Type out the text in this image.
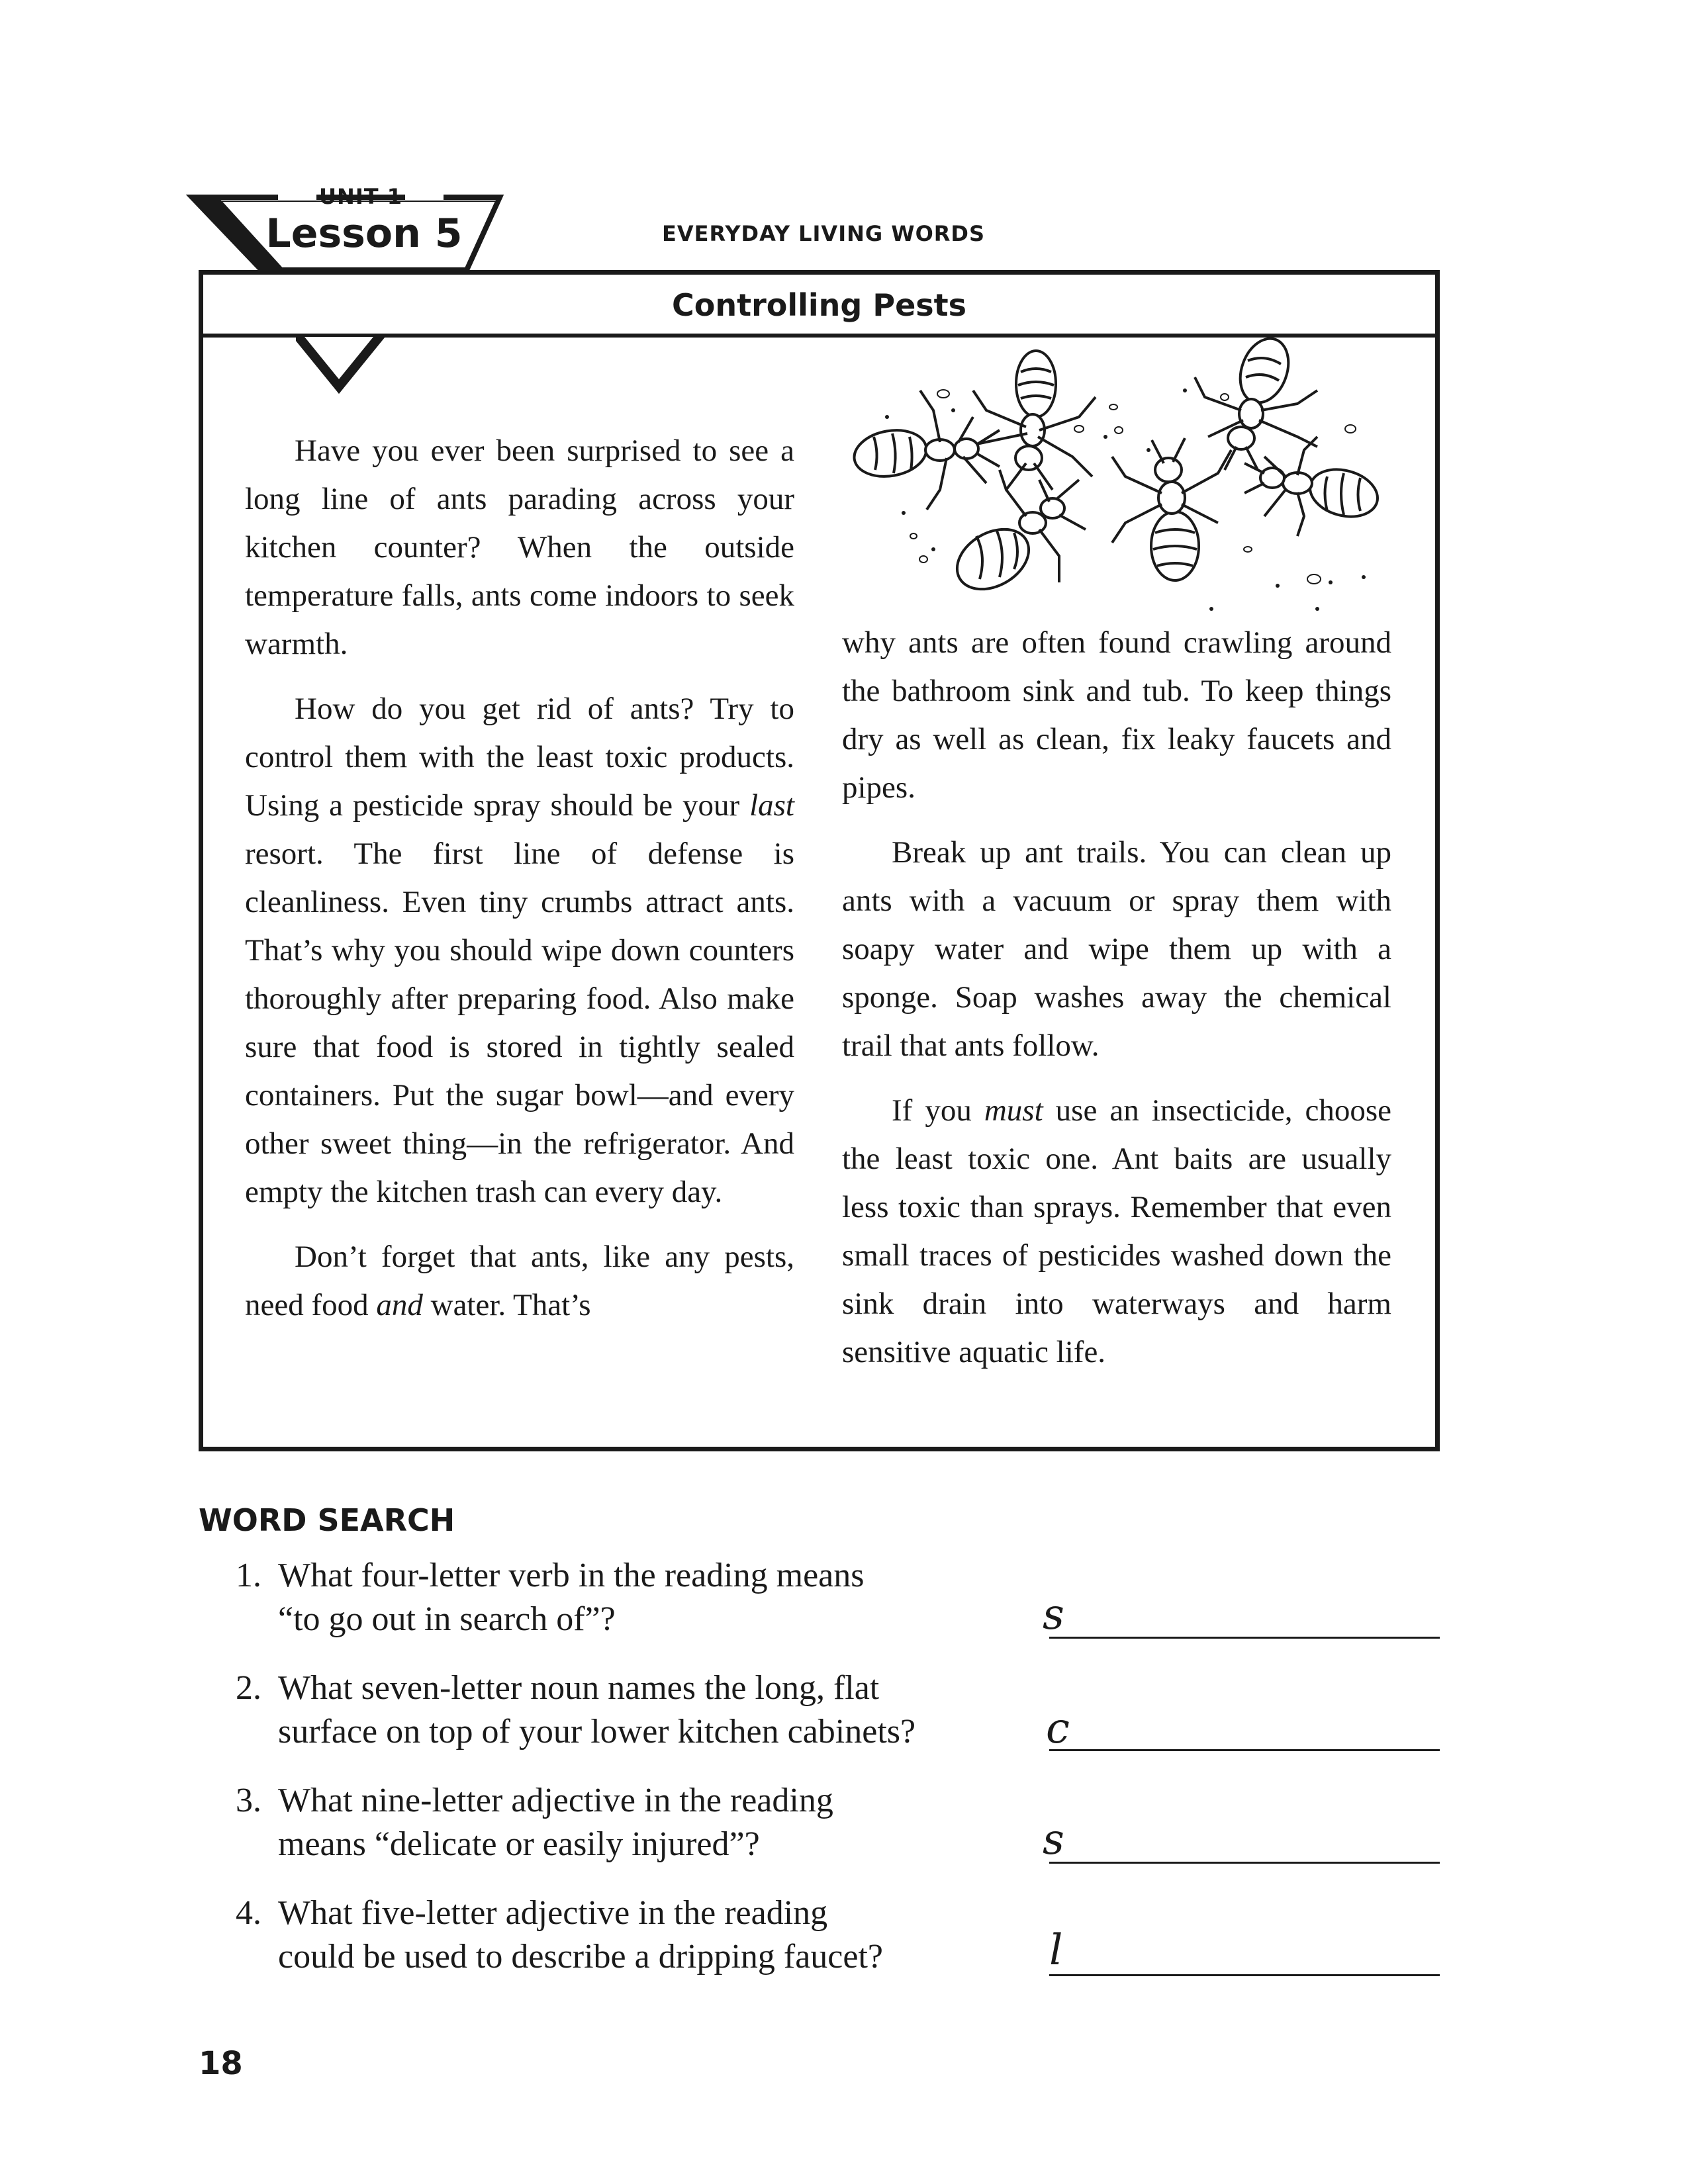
UNIT 1
Lesson 5	EVERYDAY LIVING WORDS
Controlling Pests

Have you ever been surprised to see a long line of ants parading across your kitchen counter? When the outside temperature falls, ants come indoors to seek warmth.

How do you get rid of ants? Try to control them with the least toxic products. Using a pesticide spray should be your last resort. The first line of defense is cleanliness. Even tiny crumbs attract ants. That’s why you should wipe down counters thoroughly after preparing food. Also make sure that food is stored in tightly sealed containers. Put the sugar bowl—and every other sweet thing—in the refrigerator. And empty the kitchen trash can every day.

Don’t forget that ants, like any pests, need food and water. That’s

why ants are often found crawling around the bathroom sink and tub. To keep things dry as well as clean, fix leaky faucets and pipes.

Break up ant trails. You can clean up ants with a vacuum or spray them with soapy water and wipe them up with a sponge. Soap washes away the chemical trail that ants follow.

If you must use an insecticide, choose the least toxic one. Ant baits are usually less toxic than sprays. Remember that even small traces of pesticides washed down the sink drain into waterways and harm sensitive aquatic life.

WORD SEARCH
1. What four-letter verb in the reading means
“to go out in search of”?	s
2. What seven-letter noun names the long, flat
surface on top of your lower kitchen cabinets?	c
3. What nine-letter adjective in the reading
means “delicate or easily injured”?	s
4. What five-letter adjective in the reading
could be used to describe a dripping faucet?	l
18
